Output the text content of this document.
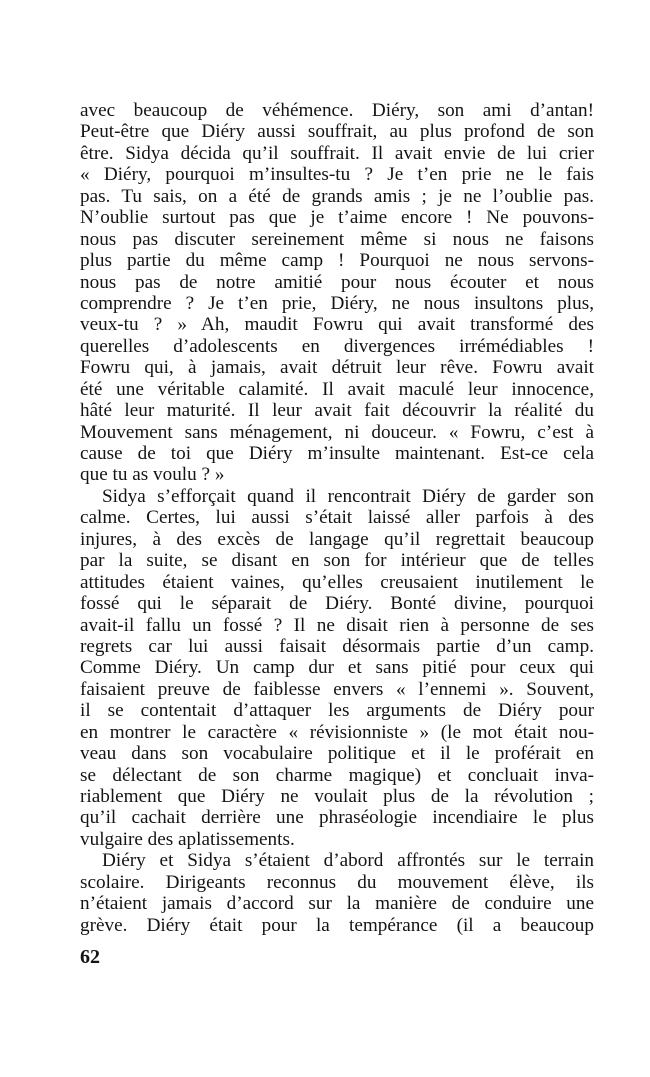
avec beaucoup de véhémence. Diéry, son ami d’antan!
Peut-être que Diéry aussi souffrait, au plus profond de son
être. Sidya décida qu’il souffrait. Il avait envie de lui crier
« Diéry, pourquoi m’insultes-tu ? Je t’en prie ne le fais
pas. Tu sais, on a été de grands amis ; je ne l’oublie pas.
N’oublie surtout pas que je t’aime encore ! Ne pouvons-
nous pas discuter sereinement même si nous ne faisons
plus partie du même camp ! Pourquoi ne nous servons-
nous pas de notre amitié pour nous écouter et nous
comprendre ? Je t’en prie, Diéry, ne nous insultons plus,
veux-tu ? » Ah, maudit Fowru qui avait transformé des
querelles d’adolescents en divergences irrémédiables !
Fowru qui, à jamais, avait détruit leur rêve. Fowru avait
été une véritable calamité. Il avait maculé leur innocence,
hâté leur maturité. Il leur avait fait découvrir la réalité du
Mouvement sans ménagement, ni douceur. « Fowru, c’est à
cause de toi que Diéry m’insulte maintenant. Est-ce cela
que tu as voulu ? »
Sidya s’efforçait quand il rencontrait Diéry de garder son
calme. Certes, lui aussi s’était laissé aller parfois à des
injures, à des excès de langage qu’il regrettait beaucoup
par la suite, se disant en son for intérieur que de telles
attitudes étaient vaines, qu’elles creusaient inutilement le
fossé qui le séparait de Diéry. Bonté divine, pourquoi
avait-il fallu un fossé ? Il ne disait rien à personne de ses
regrets car lui aussi faisait désormais partie d’un camp.
Comme Diéry. Un camp dur et sans pitié pour ceux qui
faisaient preuve de faiblesse envers « l’ennemi ». Souvent,
il se contentait d’attaquer les arguments de Diéry pour
en montrer le caractère « révisionniste » (le mot était nou-
veau dans son vocabulaire politique et il le proférait en
se délectant de son charme magique) et concluait inva-
riablement que Diéry ne voulait plus de la révolution ;
qu’il cachait derrière une phraséologie incendiaire le plus
vulgaire des aplatissements.
Diéry et Sidya s’étaient d’abord affrontés sur le terrain
scolaire. Dirigeants reconnus du mouvement élève, ils
n’étaient jamais d’accord sur la manière de conduire une
grève. Diéry était pour la tempérance (il a beaucoup
62
